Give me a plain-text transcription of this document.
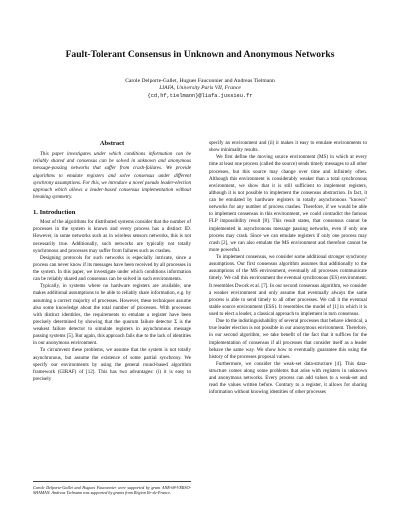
Fault-Tolerant Consensus in Unknown and Anonymous Networks
Carole Delporte-Gallet, Hugues Fauconnier and Andreas Tielmann
LIAFA, University Paris VII, France
{cd,hf,tielmann}@liafa.jussieu.fr
Abstract

This paper investigates under which conditions information can be reliably shared and consensus can be solved in unknown and anonymous message-passing networks that suffer from crash-failures. We provide algorithms to emulate registers and solve consensus under different synchrony assumptions. For this, we introduce a novel pseudo leader-election approach which allows a leader-based consensus implementation without breaking symmetry.

1. Introduction

Most of the algorithms for distributed systems consider that the number of processes in the system is known and every process has a distinct ID. However, in some networks such as in wireless sensors networks, this is not necessarily true. Additionally, such networks are typically not totally synchronous and processes may suffer from failures such as crashes.

Designing protocols for such networks is especially intricate, since a process can never know if its messages have been received by all processes in the system. In this paper, we investigate under which conditions information can be reliably shared and consensus can be solved in such environments.

Typically, in systems where no hardware registers are available, one makes additional assumptions to be able to reliably share information, e.g. by assuming a correct majority of processes. However, these techniques assume also some knowledge about the total number of processes. With processes with distinct identities, the requirements to emulate a register have been precisely determined by showing that the quorum failure detector Σ is the weakest failure detector to simulate registers in asynchronous message passing systems [5]. But again, this approach fails due to the lack of identities in our anonymous environment.

To circumvent these problems, we assume that the system is not totally asynchronous, but assume the existence of some partial synchrony. We specify our environments by using the general round-based algorithm framework (GIRAF) of [12]. This has two advantages: (i) it is easy to precisely

Carole Delporte-Gallet and Hugues Fauconnier were supported by grant ANR-08-VERSO-SHAMAN. Andreas Tielmann was supported by grants from Région Ile-de-France.

specify an environment and (ii) it makes it easy to emulate environments to show minimality results.

We first define the moving source environment (MS) in which at every time at least one process (called the source) sends timely messages to all other processes, but this source may change over time and infinitely often. Although this environment is considerably weaker than a total synchronous environment, we show that it is still sufficient to implement registers, although it is not possible to implement the consensus abstraction. In fact, it can be emulated by hardware registers in totally asynchronous "known" networks for any number of process crashes. Therefore, if we would be able to implement consensus in this environment, we could contradict the famous FLP impossibility result [8]. This result states, that consensus cannot be implemented in asynchronous message passing networks, even if only one process may crash. Since we can emulate registers if only one process may crash [2], we can also emulate the MS environment and therefore cannot be more powerful.

To implement consensus, we consider some additional stronger synchrony assumptions. Our first consensus algorithm assumes that additionally to the assumptions of the MS environment, eventually all processes communicate timely. We call this environment the eventual synchronous (ES) environment. It resembles Dwork et al. [7]. In our second consensus algorithm, we consider a weaker environment and only assume that eventually always the same process is able to send timely to all other processes. We call it the eventual stable source environment (ESS). It resembles the model of [1] in which it is used to elect a leader, a classical approach to implement in turn consensus.

Due to the indistinguishability of several processes that behave identical, a true leader election is not possible in our anonymous environment. Therefore, in our second algorithm, we take benefit of the fact that it suffices for the implementation of consensus if all processes that consider itself as a leader behave the same way. We show how to eventually guarantee this using the history of the processes proposal values.

Furthermore, we consider the weak-set data-structure [4]. This data-structure comes along some problems that arise with registers in unknown and anonymous networks. Every process can add values to a weak-set and read the values written before. Contrary to a register, it allows for sharing information without knowing identities of other processes
